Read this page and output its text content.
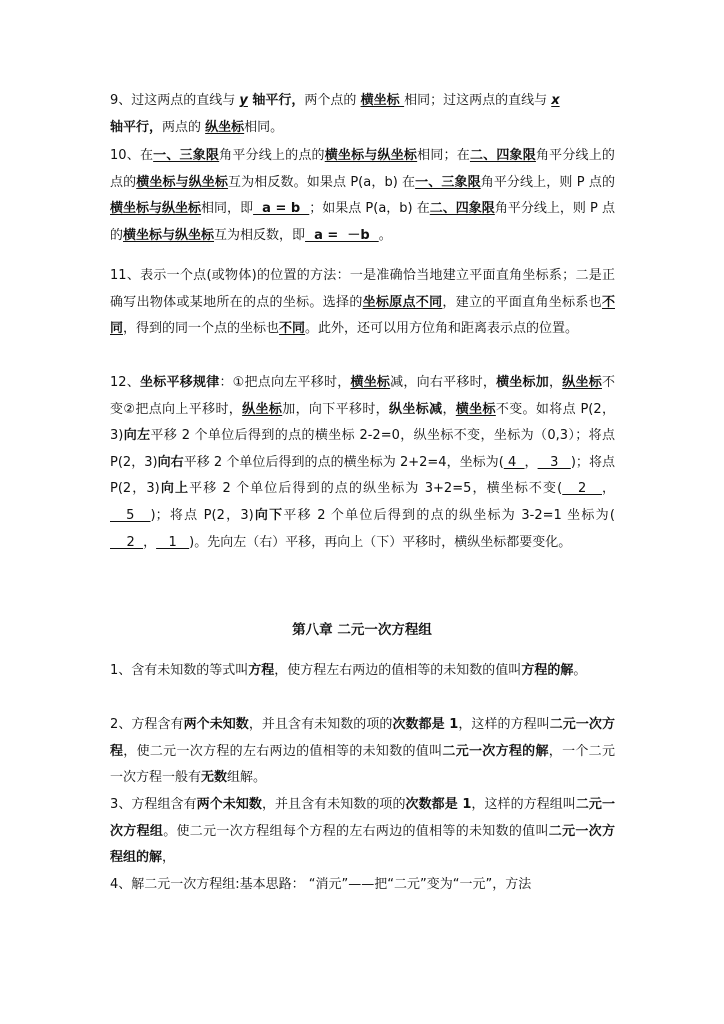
9、过这两点的直线与 y 轴平行，两个点的 横坐标 相同；过这两点的直线与 x
轴平行，两点的 纵坐标相同。
10、在一、三象限角平分线上的点的横坐标与纵坐标相同；在二、四象限角平分线上的点的横坐标与纵坐标互为相反数。如果点 P(a，b) 在一、三象限角平分线上，则 P 点的横坐标与纵坐标相同，即  a = b  ；如果点 P(a，b) 在二、四象限角平分线上，则 P 点的横坐标与纵坐标互为相反数，即  a =  －b  。
11、表示一个点(或物体)的位置的方法：一是准确恰当地建立平面直角坐标系；二是正确写出物体或某地所在的点的坐标。选择的坐标原点不同，建立的平面直角坐标系也不同，得到的同一个点的坐标也不同。此外，还可以用方位角和距离表示点的位置。
12、坐标平移规律：①把点向左平移时，横坐标减，向右平移时，横坐标加，纵坐标不变②把点向上平移时，纵坐标加，向下平移时，纵坐标减，横坐标不变。如将点 P(2，3)向左平移 2 个单位后得到的点的横坐标 2-2=0，纵坐标不变，坐标为（0,3）；将点 P(2，3)向右平移 2 个单位后得到的点的横坐标为 2+2=4，坐标为( 4  ，   3   )；将点 P(2，3)向上平移 2 个单位后得到的点的纵坐标为 3+2=5，横坐标不变(   2   ，   5   )；将点 P(2，3)向下平移 2 个单位后得到的点的纵坐标为 3-2=1 坐标为(    2  ，   1   )。先向左（右）平移，再向上（下）平移时，横纵坐标都要变化。
第八章 二元一次方程组
1、含有未知数的等式叫方程，使方程左右两边的值相等的未知数的值叫方程的解。
2、方程含有两个未知数，并且含有未知数的项的次数都是 1，这样的方程叫二元一次方程，使二元一次方程的左右两边的值相等的未知数的值叫二元一次方程的解，一个二元一次方程一般有无数组解。
3、方程组含有两个未知数，并且含有未知数的项的次数都是 1，这样的方程组叫二元一次方程组。使二元一次方程组每个方程的左右两边的值相等的未知数的值叫二元一次方程组的解，
4、解二元一次方程组:基本思路： “消元”——把“二元”变为“一元”，方法
